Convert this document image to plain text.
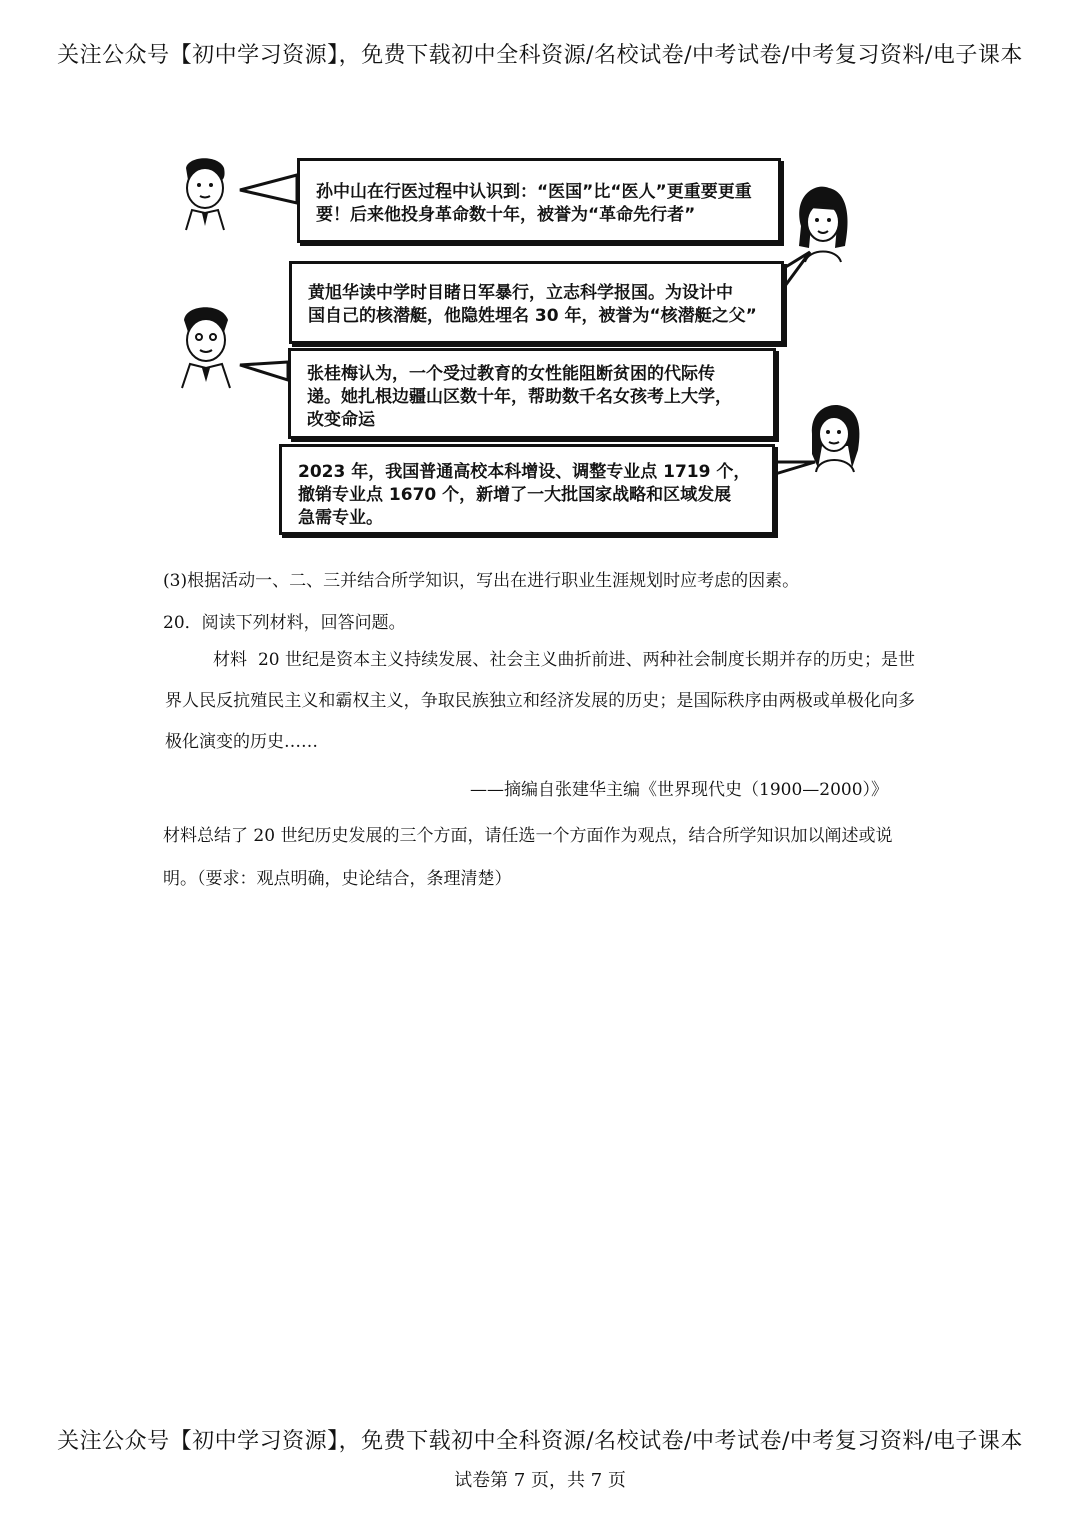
关注公众号【初中学习资源】，免费下载初中全科资源/名校试卷/中考试卷/中考复习资料/电子课本
孙中山在行医过程中认识到：“医国”比“医人”更重要更重
要！后来他投身革命数十年，被誉为“革命先行者”
黄旭华读中学时目睹日军暴行，立志科学报国。为设计中
国自己的核潜艇，他隐姓埋名 30 年，被誉为“核潜艇之父”
张桂梅认为，一个受过教育的女性能阻断贫困的代际传
递。她扎根边疆山区数十年，帮助数千名女孩考上大学，
改变命运
2023 年，我国普通高校本科增设、调整专业点 1719 个，
撤销专业点 1670 个，新增了一大批国家战略和区域发展
急需专业。
(3)根据活动一、二、三并结合所学知识，写出在进行职业生涯规划时应考虑的因素。
20．阅读下列材料，回答问题。
材料 20 世纪是资本主义持续发展、社会主义曲折前进、两种社会制度长期并存的历史；是世界人民反抗殖民主义和霸权主义，争取民族独立和经济发展的历史；是国际秩序由两极或单极化向多极化演变的历史……
——摘编自张建华主编《世界现代史（1900—2000）》
材料总结了 20 世纪历史发展的三个方面，请任选一个方面作为观点，结合所学知识加以阐述或说明。（要求：观点明确，史论结合，条理清楚）
关注公众号【初中学习资源】，免费下载初中全科资源/名校试卷/中考试卷/中考复习资料/电子课本
试卷第 7 页，共 7 页
